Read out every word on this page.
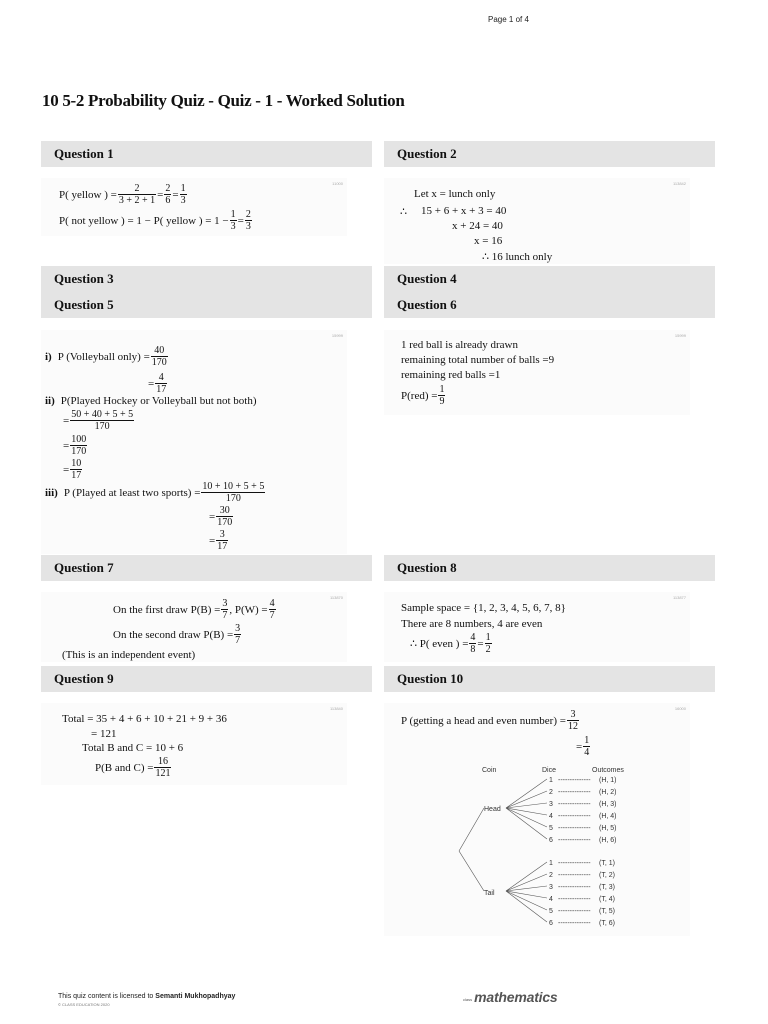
Page 1 of 4
10 5-2 Probability Quiz - Quiz - 1 - Worked Solution
Question 1	Question 2
Question 3	Question 4
Question 5	Question 6
Question 7	Question 8
Question 9	Question 10
11000
P( yellow ) = $\frac{2}{3 + 2 + 1} = \frac{2}{6} = \frac{1}{3}$
P( not yellow ) = 1 − P( yellow ) = $1 - \frac{1}{3} = \frac{2}{3}$
113842
Let x = lunch only
∴ 15 + 6 + x + 3 = 40
x + 24 = 40
x = 16
∴ 16 lunch only
15999
i) P (Volleyball only) = $\frac{40}{170}$
= $\frac{4}{17}$
ii) P(Played Hockey or Volleyball but not both)
= $\frac{50 + 40 + 5 + 5}{170}$
= $\frac{100}{170}$
= $\frac{10}{17}$
iii) P (Played at least two sports) = $\frac{10 + 10 + 5 + 5}{170}$
= $\frac{30}{170}$
= $\frac{3}{17}$
15999
1 red ball is already drawn
remaining total number of balls =9
remaining red balls =1
$P(red) = \frac{1}{9}$
113870
On the first draw $P(B) = \frac{3}{7}$ , $P(W) = \frac{4}{7}$
On the second draw $P(B) = \frac{3}{7}$
(This is an independent event)
113877
Sample space = {1, 2, 3, 4, 5, 6, 7, 8}
There are 8 numbers, 4 are even
∴ P( even ) = $\frac{4}{8} = \frac{1}{2}$
113840
Total = 35 + 4 + 6 + 10 + 21 + 9 + 36
= 121
Total B and C = 10 + 6
P(B and $C) = \frac{16}{121}$
16000
P (getting a head and even number) = $\frac{3}{12}$
= $\frac{1}{4}$
Coin	Dice	Outcomes
Head
Tail
1 -------------- (H, 1)
2 -------------- (H, 2)
3 -------------- (H, 3)
4 -------------- (H, 4)
5 -------------- (H, 5)
6 -------------- (H, 6)
1 -------------- (T, 1)
2 -------------- (T, 2)
3 -------------- (T, 3)
4 -------------- (T, 4)
5 -------------- (T, 5)
6 -------------- (T, 6)
This quiz content is licensed to Semanti Mukhopadhyay
© CLASS EDUCATION 2020
class mathematics
